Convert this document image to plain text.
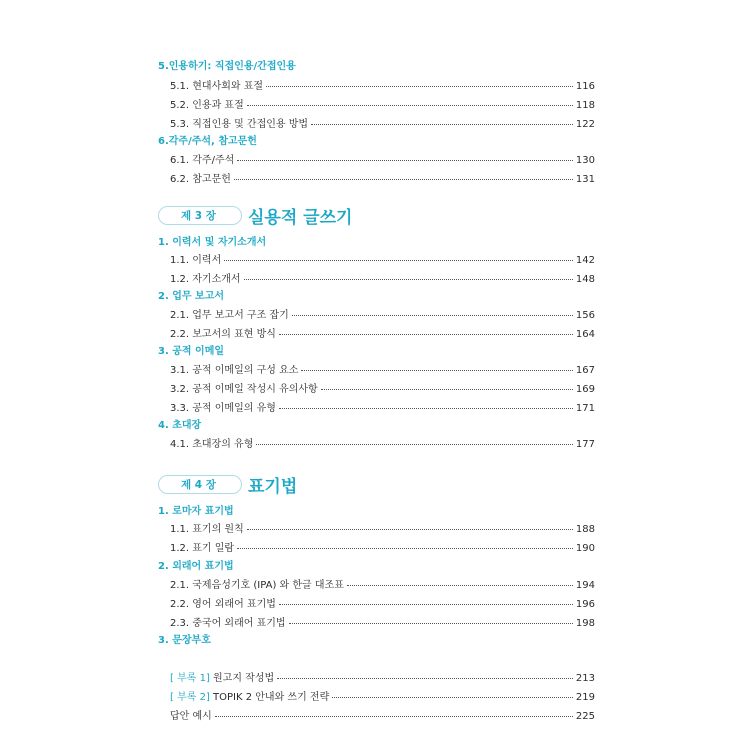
5.인용하기: 직접인용/간접인용
5.1. 현대사회와 표절	116
5.2. 인용과 표절	118
5.3. 직접인용 및 간접인용 방법	122
6.각주/주석, 참고문헌
6.1. 각주/주석	130
6.2. 참고문헌	131
제 3 장	실용적 글쓰기
1. 이력서 및 자기소개서
1.1. 이력서	142
1.2. 자기소개서	148
2. 업무 보고서
2.1. 업무 보고서 구조 잡기	156
2.2. 보고서의 표현 방식	164
3. 공적 이메일
3.1. 공적 이메일의 구성 요소	167
3.2. 공적 이메일 작성시 유의사항	169
3.3. 공적 이메일의 유형	171
4. 초대장
4.1. 초대장의 유형	177
제 4 장	표기법
1. 로마자 표기법
1.1. 표기의 원칙	188
1.2. 표기 일람	190
2. 외래어 표기법
2.1. 국제음성기호 (IPA) 와 한글 대조표	194
2.2. 영어 외래어 표기법	196
2.3. 중국어 외래어 표기법	198
3. 문장부호
[ 부록 1] 원고지 작성법	213
[ 부록 2] TOPIK 2 안내와 쓰기 전략	219
답안 예시	225
